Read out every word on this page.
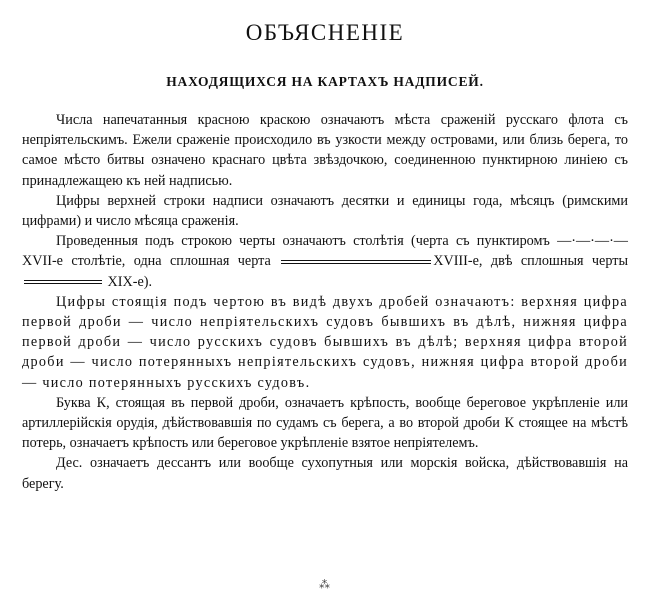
ОБЪЯСНЕНIЕ
НАХОДЯЩИХСЯ НА КАРТАХЪ НАДПИСЕЙ.

Числа напечатанныя красною краскою означаютъ мѣста сраженiй русскаго флота съ непрiятельскимъ. Ежели сраженiе происходило въ узкости между островами, или близь берега, то самое мѣсто битвы означено краснаго цвѣта звѣздочкою, соединенною пунктирною линiею съ принадлежащею къ ней надписью.

Цифры верхней строки надписи означаютъ десятки и единицы года, мѣсяцъ (римскими цифрами) и число мѣсяца сраженiя.

Проведенныя подъ строкою черты означаютъ столѣтiя (черта съ пунктиромъ —·—·—·— XVII-е столѣтiе, одна сплошная черта	XVIII-е, двѣ сплошныя черты  XIX-е).

Цифры стоящiя подъ чертою въ видѣ двухъ дробей означаютъ: верхняя цифра первой дроби — число непрiятельскихъ судовъ бывшихъ въ дѣлѣ, нижняя цифра первой дроби — число русскихъ судовъ бывшихъ въ дѣлѣ; верхняя цифра второй дроби — число потерянныхъ непрiятельскихъ судовъ, нижняя цифра второй дроби — число потерянныхъ русскихъ судовъ.

Буква К, стоящая въ первой дроби, означаетъ крѣпость, вообще береговое укрѣпленiе или артиллерiйскiя орудiя, дѣйствовавшiя по судамъ съ берега, а во второй дроби К стоящее на мѣстѣ потерь, означаетъ крѣпость или береговое укрѣпленiе взятое непрiятелемъ.

Дес. означаетъ дессантъ или вообще сухопутныя или морскiя войска, дѣйствовавшiя на берегу.

⁂
